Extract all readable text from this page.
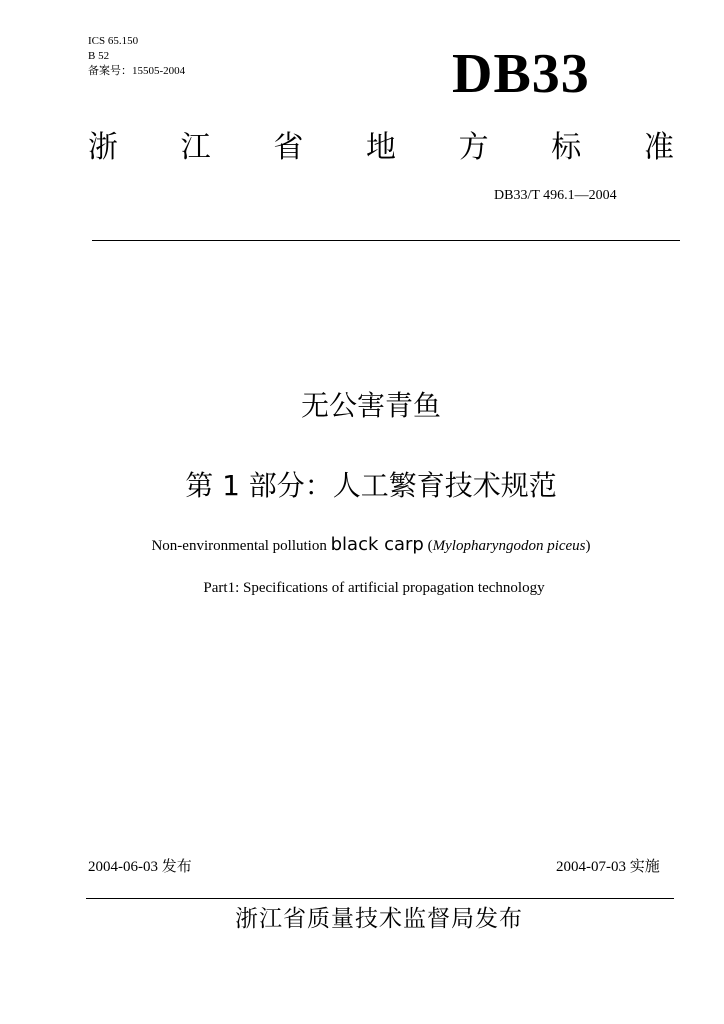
ICS 65.150
B 52
备案号：15505-2004	DB33
浙 江 省 地 方 标 准
DB33/T 496.1—2004
无公害青鱼
第 1 部分：人工繁育技术规范
Non-environmental pollution black carp (Mylopharyngodon piceus)
Part1: Specifications of artificial propagation technology
2004-06-03 发布	2004-07-03 实施
浙江省质量技术监督局发布
